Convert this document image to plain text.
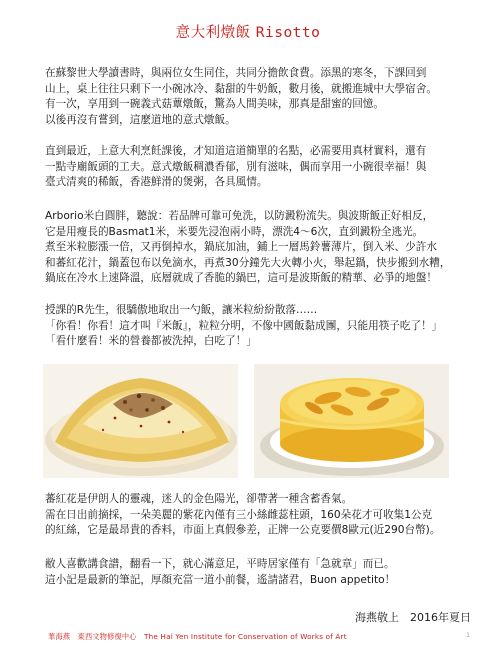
意大利燉飯 Risotto
在蘇黎世大學讀書時，與兩位女生同住，共同分擔飲食費。添黑的寒冬，下課回到
山上，桌上往往只剩下一小碗冰冷、黏甜的牛奶飯，數月後，就搬進城中大學宿舍。
有一次，享用到一碗義式菇蕈燉飯，驚為人間美味，那真是甜蜜的回憶。
以後再沒有嘗到，這麼道地的意式燉飯。
直到最近，上意大利烹飪課後，才知道這道簡單的名點，必需要用真材實料，還有
一點寺廟飯頭的工夫。意式燉飯稠濃香郁，別有滋味，偶而享用一小碗很幸福！與
臺式清爽的稀飯，香港鮮滑的煲粥，各具風情。
Arborio米白圓胖，聽說：若品牌可靠可免洗，以防澱粉流失。與波斯飯正好相反，
它是用瘦長的Basmat1米，米要先浸泡兩小時，漂洗4～6次，直到澱粉全逃光。
煮至米粒膨漲一倍，又再倒掉水，鍋底加油，鋪上一層馬鈴薯薄片，倒入米、少許水
和蕃紅花汁，鍋蓋包布以免滴水，再煮30分鐘先大火轉小火，舉起鍋，快步搬到水糟，
鍋底在冷水上速降溫，底層就成了香脆的鍋巴，這可是波斯飯的精華、必爭的地盤！
授課的R先生，很驕傲地取出一勺飯，讓米粒紛紛散落……
「你看！你看！這才叫『米飯』，粒粒分明，不像中國飯黏成團，只能用筷子吃了！」
「看什麼看！米的營養都被洗掉，白吃了！」
蕃紅花是伊朗人的靈魂，迷人的金色陽光，卻帶著一種含蓄香氣。
需在日出前摘採，一朵美麗的紫花內僅有三小絲雌蕊柱頭，160朵花才可收集1公克
的紅絲，它是最昂貴的香料，市面上真假參差，正牌一公克要價8歐元(近290台幣)。
敝人喜歡講食譜，翻看一下，就心滿意足，平時居家僅有「急就章」而已。
這小記是最新的筆記，厚顏充當一道小前餐，遙請諸君，Buon appetito！
海燕敬上　2016年夏日
華海燕　東西文物修復中心　The Hai Yen Institute for Conservation of Works of Art	1
